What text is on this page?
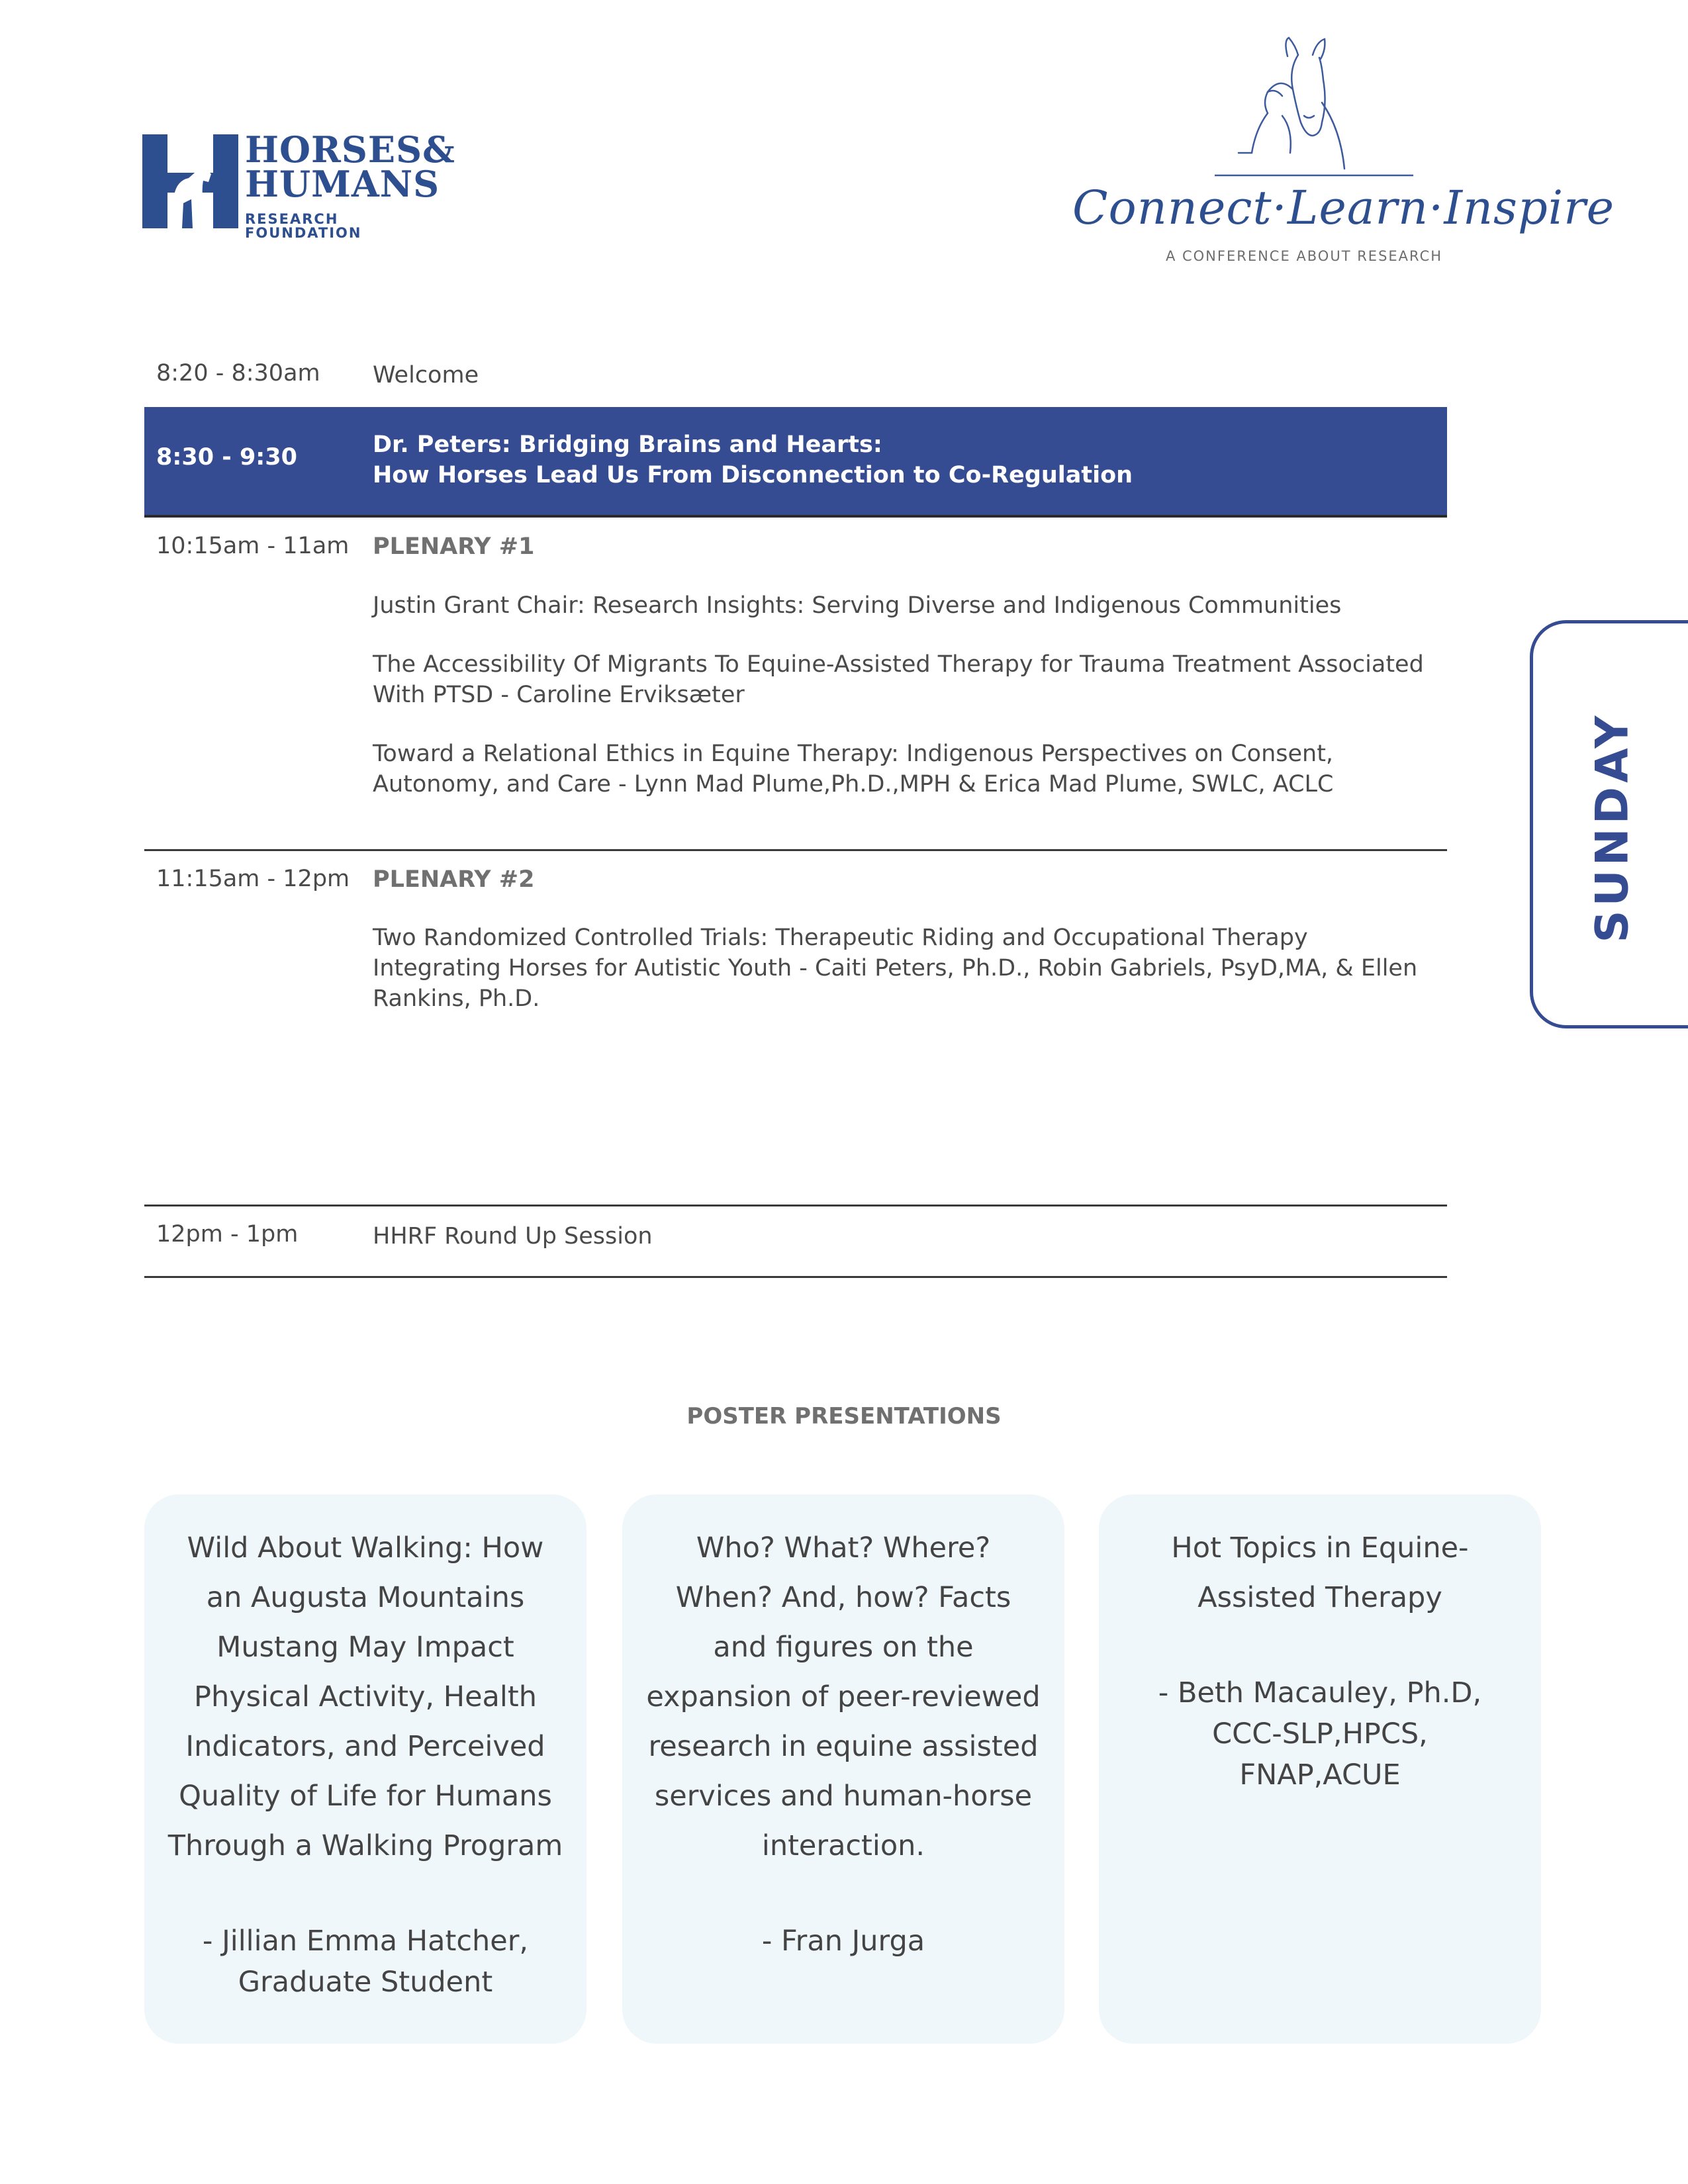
HORSES&
HUMANS
RESEARCH FOUNDATION	Connect·Learn·Inspire
A CONFERENCE ABOUT RESEARCH
8:20 - 8:30am Welcome
8:30 - 9:30	Dr. Peters: Bridging Brains and Hearts:
How Horses Lead Us From Disconnection to Co-Regulation
10:15am - 11am PLENARY #1
Justin Grant Chair: Research Insights: Serving Diverse and Indigenous Communities
The Accessibility Of Migrants To Equine-Assisted Therapy for Trauma Treatment Associated With PTSD - Caroline Erviksæter
Toward a Relational Ethics in Equine Therapy: Indigenous Perspectives on Consent, Autonomy, and Care - Lynn Mad Plume,Ph.D.,MPH & Erica Mad Plume, SWLC, ACLC
11:15am - 12pm PLENARY #2
Two Randomized Controlled Trials: Therapeutic Riding and Occupational Therapy Integrating Horses for Autistic Youth - Caiti Peters, Ph.D., Robin Gabriels, PsyD,MA, & Ellen Rankins, Ph.D.
12pm - 1pm	HHRF Round Up Session
SUNDAY
POSTER PRESENTATIONS
Wild About Walking: How
an Augusta Mountains
Mustang May Impact
Physical Activity, Health
Indicators, and Perceived
Quality of Life for Humans
Through a Walking Program
- Jillian Emma Hatcher,
Graduate Student
Who? What? Where?
When? And, how? Facts
and figures on the
expansion of peer-reviewed
research in equine assisted
services and human-horse
interaction.
- Fran Jurga
Hot Topics in Equine-
Assisted Therapy
- Beth Macauley, Ph.D,
CCC-SLP,HPCS,
FNAP,ACUE
